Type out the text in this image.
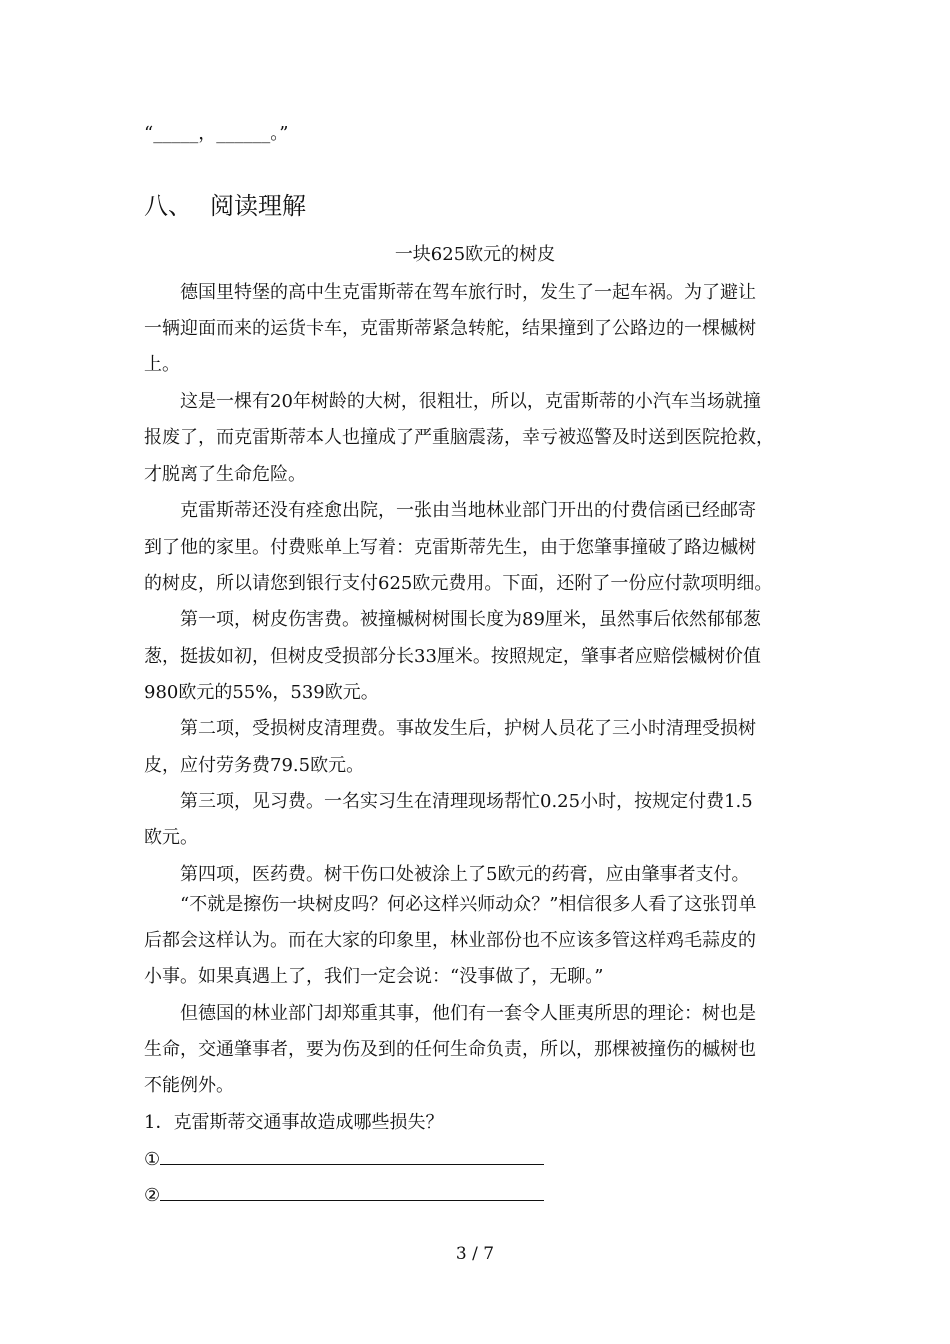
“_____，______。”
八、 阅读理解
一块625欧元的树皮
德国里特堡的高中生克雷斯蒂在驾车旅行时，发生了一起车祸。为了避让
一辆迎面而来的运货卡车，克雷斯蒂紧急转舵，结果撞到了公路边的一棵槭树
上。
这是一棵有20年树龄的大树，很粗壮，所以，克雷斯蒂的小汽车当场就撞
报废了，而克雷斯蒂本人也撞成了严重脑震荡，幸亏被巡警及时送到医院抢救，
才脱离了生命危险。
克雷斯蒂还没有痊愈出院，一张由当地林业部门开出的付费信函已经邮寄
到了他的家里。付费账单上写着：克雷斯蒂先生，由于您肇事撞破了路边槭树
的树皮，所以请您到银行支付625欧元费用。下面，还附了一份应付款项明细。
第一项，树皮伤害费。被撞槭树树围长度为89厘米，虽然事后依然郁郁葱
葱，挺拔如初，但树皮受损部分长33厘米。按照规定，肇事者应赔偿槭树价值
980欧元的55%，539欧元。
第二项，受损树皮清理费。事故发生后，护树人员花了三小时清理受损树
皮，应付劳务费79.5欧元。
第三项，见习费。一名实习生在清理现场帮忙0.25小时，按规定付费1.5
欧元。
第四项，医药费。树干伤口处被涂上了5欧元的药膏，应由肇事者支付。
“不就是擦伤一块树皮吗？何必这样兴师动众？”相信很多人看了这张罚单
后都会这样认为。而在大家的印象里，林业部份也不应该多管这样鸡毛蒜皮的
小事。如果真遇上了，我们一定会说：“没事做了，无聊。”
但德国的林业部门却郑重其事，他们有一套令人匪夷所思的理论：树也是
生命，交通肇事者，要为伤及到的任何生命负责，所以，那棵被撞伤的槭树也
不能例外。
1．克雷斯蒂交通事故造成哪些损失？
①
②
3 / 7
